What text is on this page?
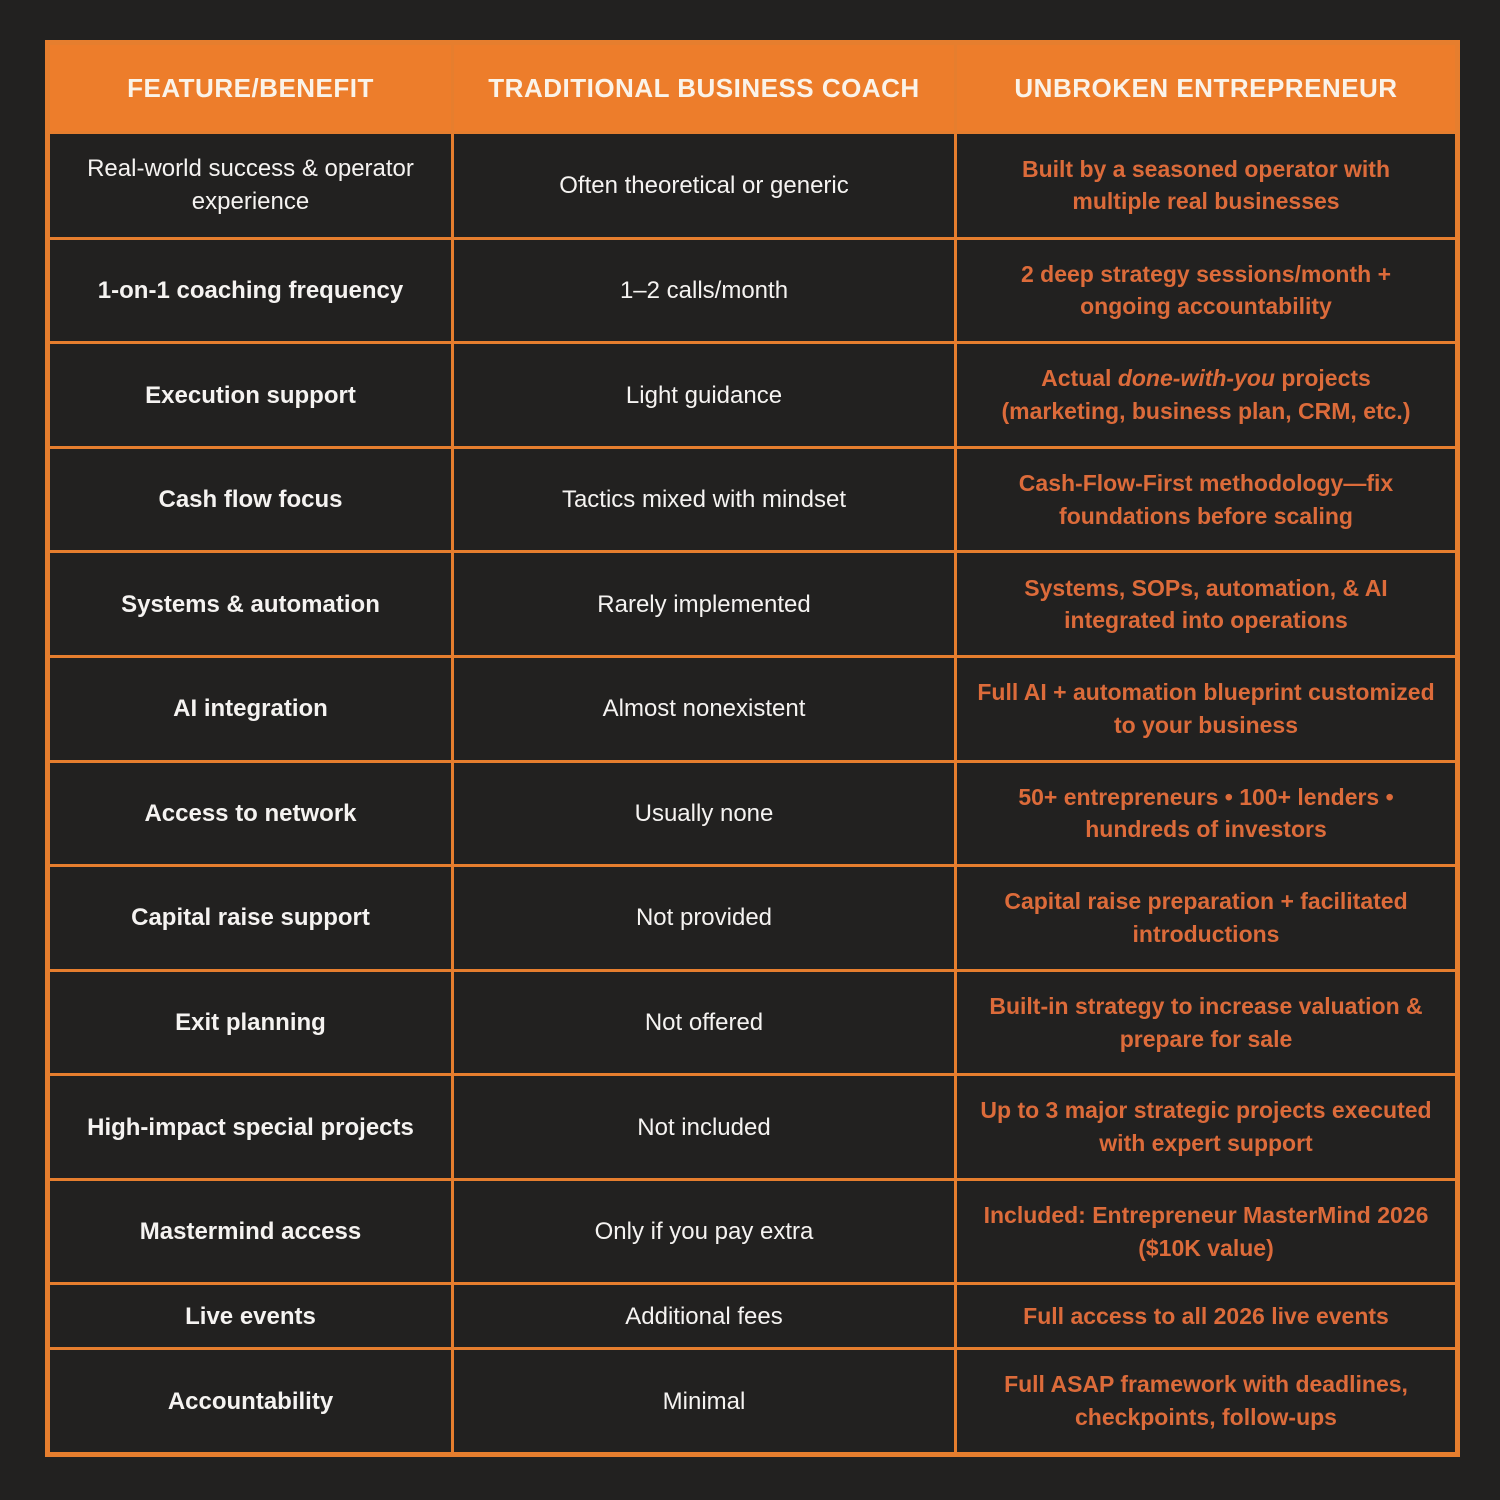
FEATURE/BENEFIT	TRADITIONAL BUSINESS COACH	UNBROKEN ENTREPRENEUR
Real-world success & operator experience	Often theoretical or generic	Built by a seasoned operator with multiple real businesses
1-on-1 coaching frequency	1–2 calls/month	2 deep strategy sessions/month + ongoing accountability
Execution support	Light guidance	Actual done-with-you projects (marketing, business plan, CRM, etc.)
Cash flow focus	Tactics mixed with mindset	Cash-Flow-First methodology—fix foundations before scaling
Systems & automation	Rarely implemented	Systems, SOPs, automation, & AI integrated into operations
AI integration	Almost nonexistent	Full AI + automation blueprint customized to your business
Access to network	Usually none	50+ entrepreneurs • 100+ lenders • hundreds of investors
Capital raise support	Not provided	Capital raise preparation + facilitated introductions
Exit planning	Not offered	Built-in strategy to increase valuation & prepare for sale
High-impact special projects	Not included	Up to 3 major strategic projects executed with expert support
Mastermind access	Only if you pay extra	Included: Entrepreneur MasterMind 2026 ($10K value)
Live events	Additional fees	Full access to all 2026 live events
Accountability	Minimal	Full ASAP framework with deadlines, checkpoints, follow-ups
